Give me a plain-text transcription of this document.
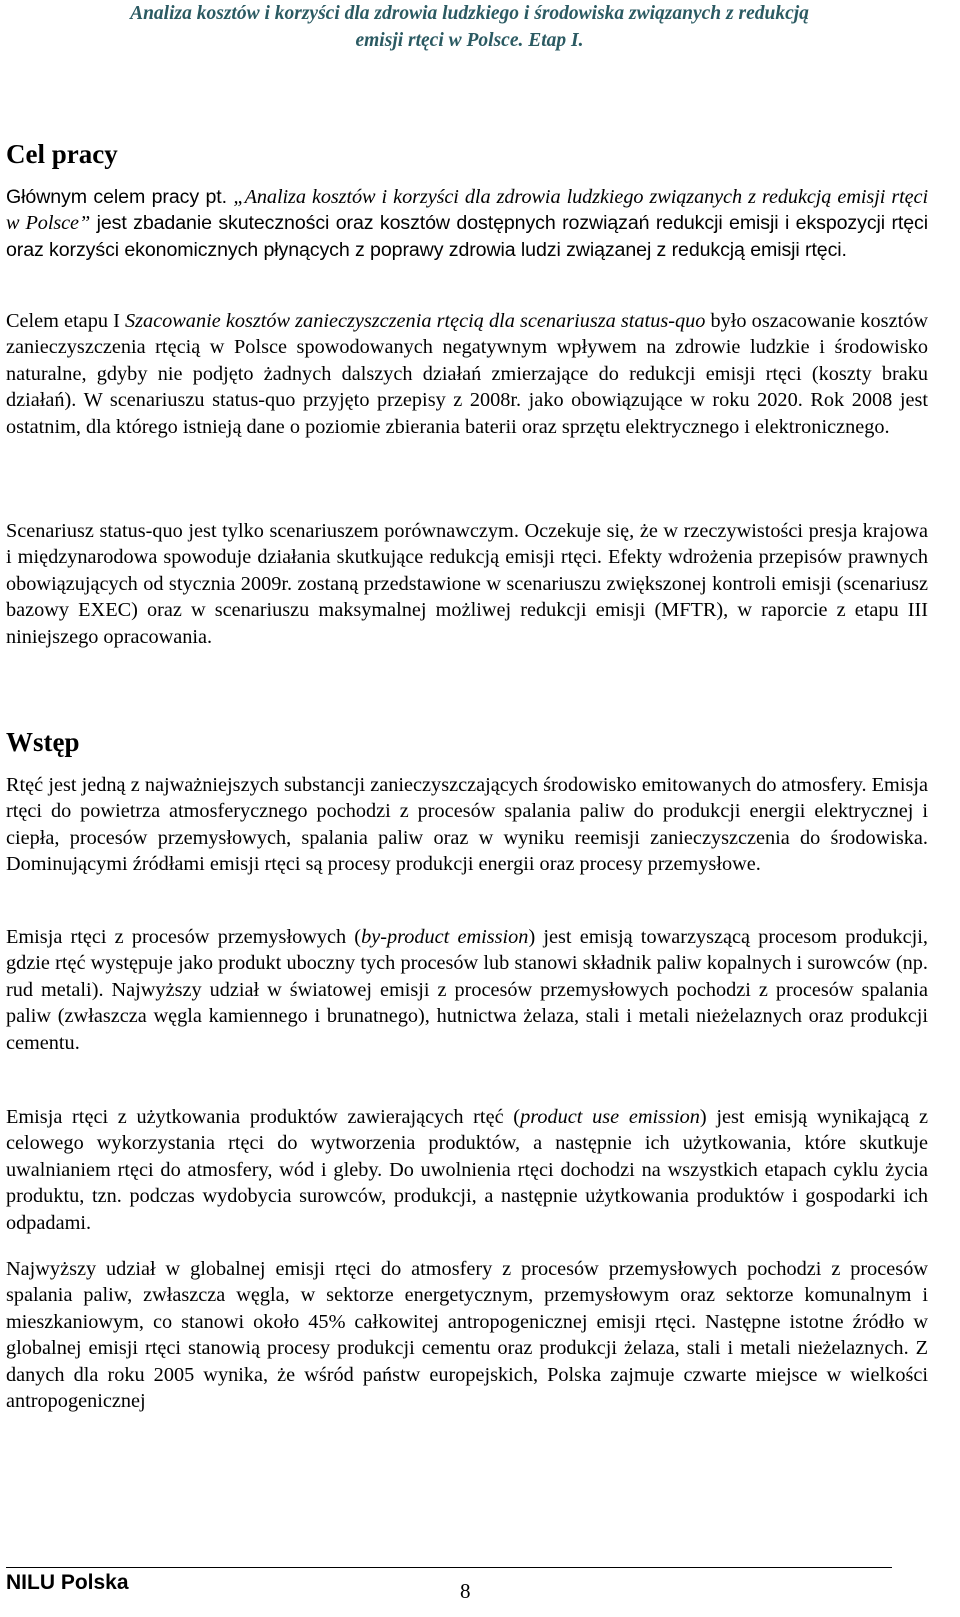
Analiza kosztów i korzyści dla zdrowia ludzkiego i środowiska związanych z redukcją
emisji rtęci w Polsce. Etap I.
Cel pracy

Głównym celem pracy pt. „Analiza kosztów i korzyści dla zdrowia ludzkiego związanych z redukcją emisji rtęci w Polsce” jest zbadanie skuteczności oraz kosztów dostępnych rozwiązań redukcji emisji i ekspozycji rtęci oraz korzyści ekonomicznych płynących z poprawy zdrowia ludzi związanej z redukcją emisji rtęci.

Celem etapu I Szacowanie kosztów zanieczyszczenia rtęcią dla scenariusza status-quo było oszacowanie kosztów zanieczyszczenia rtęcią w Polsce spowodowanych negatywnym wpływem na zdrowie ludzkie i środowisko naturalne, gdyby nie podjęto żadnych dalszych działań zmierzające do redukcji emisji rtęci (koszty braku działań). W scenariuszu status-quo przyjęto przepisy z 2008r. jako obowiązujące w roku 2020. Rok 2008 jest ostatnim, dla którego istnieją dane o poziomie zbierania baterii oraz sprzętu elektrycznego i elektronicznego.

Scenariusz status-quo jest tylko scenariuszem porównawczym. Oczekuje się, że w rzeczywistości presja krajowa i międzynarodowa spowoduje działania skutkujące redukcją emisji rtęci. Efekty wdrożenia przepisów prawnych obowiązujących od stycznia 2009r. zostaną przedstawione w scenariuszu zwiększonej kontroli emisji (scenariusz bazowy EXEC) oraz w scenariuszu maksymalnej możliwej redukcji emisji (MFTR), w raporcie z etapu III niniejszego opracowania.

Wstęp

Rtęć jest jedną z najważniejszych substancji zanieczyszczających środowisko emitowanych do atmosfery. Emisja rtęci do powietrza atmosferycznego pochodzi z procesów spalania paliw do produkcji energii elektrycznej i ciepła, procesów przemysłowych, spalania paliw oraz w wyniku reemisji zanieczyszczenia do środowiska. Dominującymi źródłami emisji rtęci są procesy produkcji energii oraz procesy przemysłowe.

Emisja rtęci z procesów przemysłowych (by-product emission) jest emisją towarzyszącą procesom produkcji, gdzie rtęć występuje jako produkt uboczny tych procesów lub stanowi składnik paliw kopalnych i surowców (np. rud metali). Najwyższy udział w światowej emisji z procesów przemysłowych pochodzi z procesów spalania paliw (zwłaszcza węgla kamiennego i brunatnego), hutnictwa żelaza, stali i metali nieżelaznych oraz produkcji cementu.

Emisja rtęci z użytkowania produktów zawierających rtęć (product use emission) jest emisją wynikającą z celowego wykorzystania rtęci do wytworzenia produktów, a następnie ich użytkowania, które skutkuje uwalnianiem rtęci do atmosfery, wód i gleby. Do uwolnienia rtęci dochodzi na wszystkich etapach cyklu życia produktu, tzn. podczas wydobycia surowców, produkcji, a następnie użytkowania produktów i gospodarki ich odpadami.

Najwyższy udział w globalnej emisji rtęci do atmosfery z procesów przemysłowych pochodzi z procesów spalania paliw, zwłaszcza węgla, w sektorze energetycznym, przemysłowym oraz sektorze komunalnym i mieszkaniowym, co stanowi około 45% całkowitej antropogenicznej emisji rtęci. Następne istotne źródło w globalnej emisji rtęci stanowią procesy produkcji cementu oraz produkcji żelaza, stali i metali nieżelaznych. Z danych dla roku 2005 wynika, że wśród państw europejskich, Polska zajmuje czwarte miejsce w wielkości antropogenicznej

NILU Polska	8
